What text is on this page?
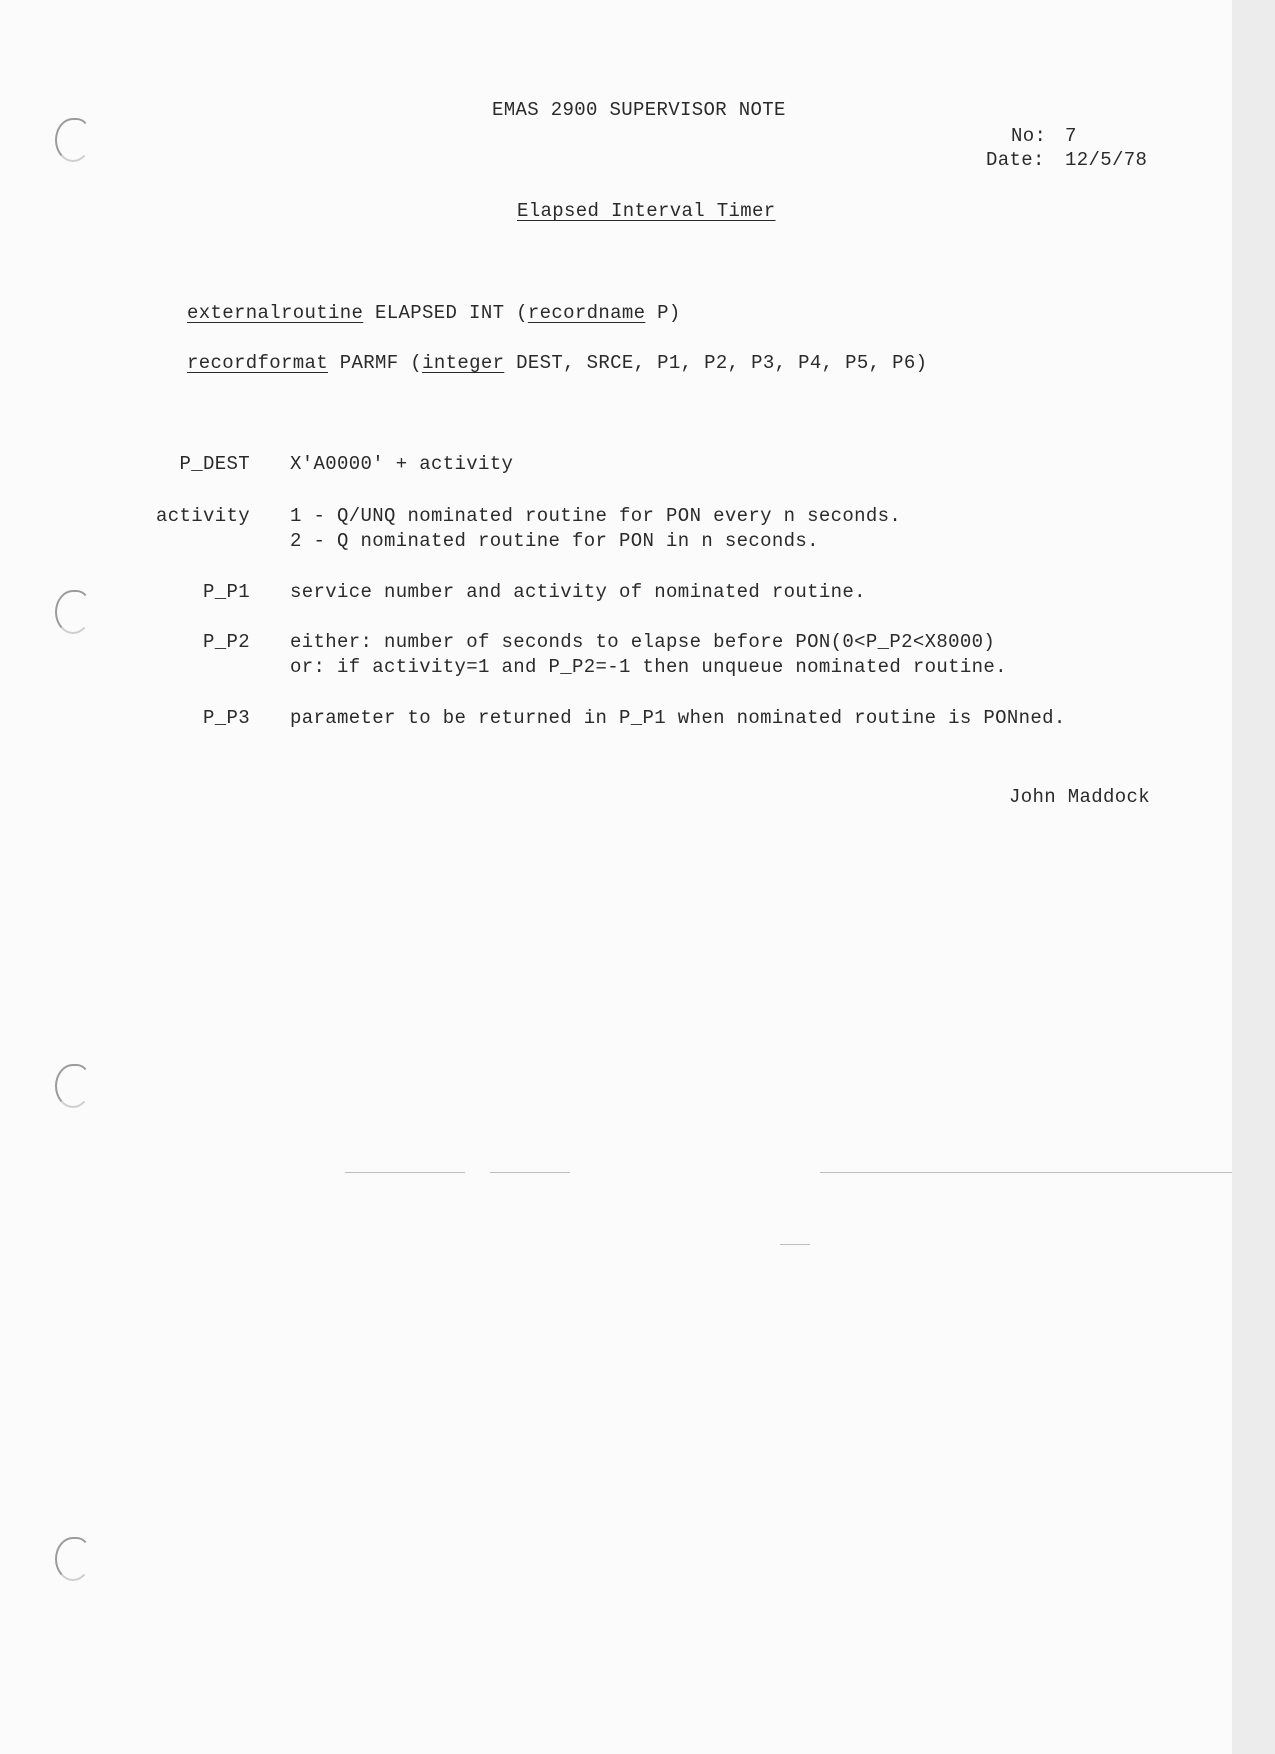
EMAS 2900 SUPERVISOR NOTE
No: 7
Date: 12/5/78
Elapsed Interval Timer
externalroutine ELAPSED INT (recordname P)
recordformat PARMF (integer DEST, SRCE, P1, P2, P3, P4, P5, P6)
P_DEST X'A0000' + activity
activity 1 - Q/UNQ nominated routine for PON every n seconds.
2 - Q nominated routine for PON in n seconds.
P_P1 service number and activity of nominated routine.
P_P2 either: number of seconds to elapse before PON(0<P_P2<X8000)
or: if activity=1 and P_P2=-1 then unqueue nominated routine.
P_P3 parameter to be returned in P_P1 when nominated routine is PONned.
John Maddock
